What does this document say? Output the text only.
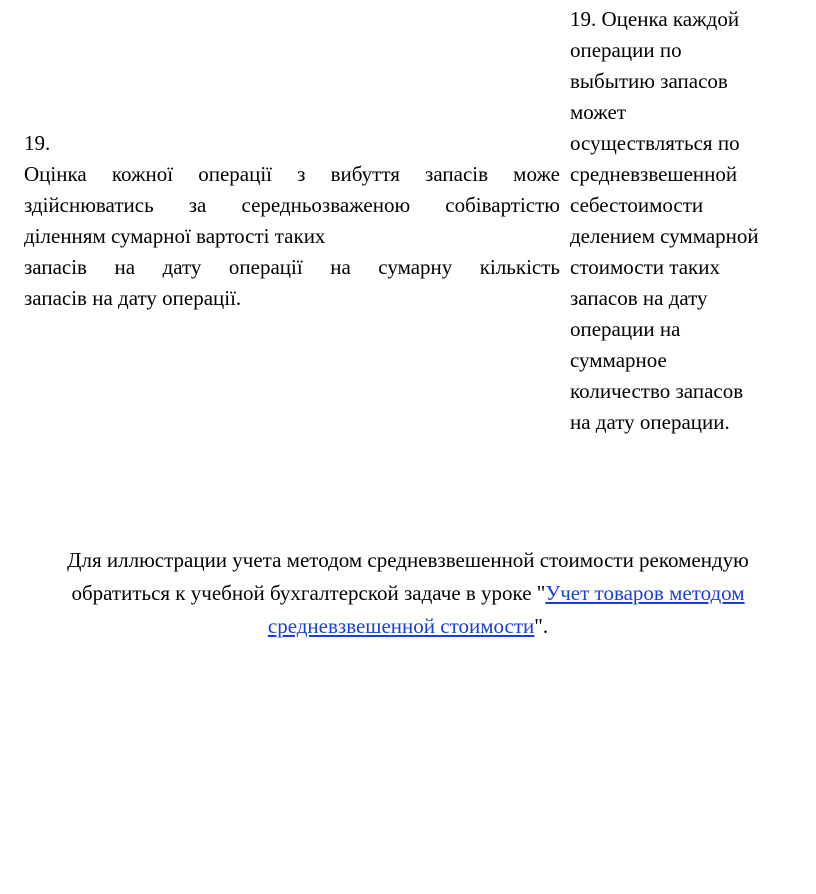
19.
Оцінка кожної операції з вибуття запасів може
здійснюватись за середньозваженою собівартістю
діленням сумарної вартості таких
запасів на дату операції на сумарну кількість
запасів на дату операції.
19. Оценка каждой
операции по
выбытию запасов
может
осуществляться по
средневзвешенной
себестоимости
делением суммарной
стоимости таких
запасов на дату
операции на
суммарное
количество запасов
на дату операции.
Для иллюстрации учета методом средневзвешенной стоимости рекомендую
обратиться к учебной бухгалтерской задаче в уроке "Учет товаров методом
средневзвешенной стоимости".
